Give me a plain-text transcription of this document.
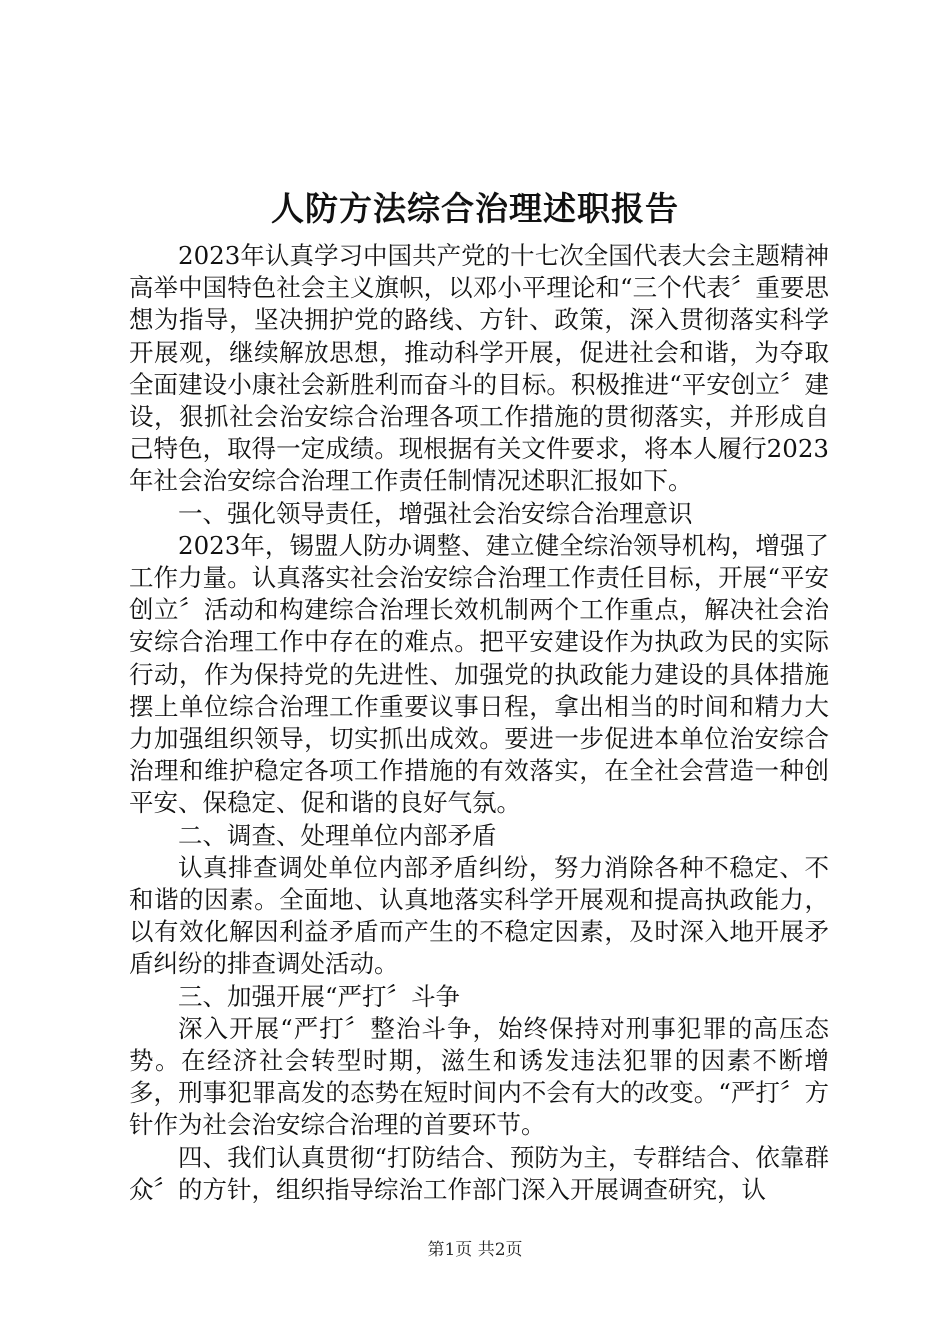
人防方法综合治理述职报告

2023年认真学习中国共产党的十七次全国代表大会主题精神高举中国特色社会主义旗帜，以邓小平理论和“三个代表〞重要思想为指导，坚决拥护党的路线、方针、政策，深入贯彻落实科学开展观，继续解放思想，推动科学开展，促进社会和谐，为夺取全面建设小康社会新胜利而奋斗的目标。积极推进“平安创立〞建设，狠抓社会治安综合治理各项工作措施的贯彻落实，并形成自己特色，取得一定成绩。现根据有关文件要求，将本人履行2023年社会治安综合治理工作责任制情况述职汇报如下。

一、强化领导责任，增强社会治安综合治理意识

2023年，锡盟人防办调整、建立健全综治领导机构，增强了工作力量。认真落实社会治安综合治理工作责任目标，开展“平安创立〞活动和构建综合治理长效机制两个工作重点，解决社会治安综合治理工作中存在的难点。把平安建设作为执政为民的实际行动，作为保持党的先进性、加强党的执政能力建设的具体措施摆上单位综合治理工作重要议事日程，拿出相当的时间和精力大力加强组织领导，切实抓出成效。要进一步促进本单位治安综合治理和维护稳定各项工作措施的有效落实，在全社会营造一种创平安、保稳定、促和谐的良好气氛。

二、调查、处理单位内部矛盾

认真排查调处单位内部矛盾纠纷，努力消除各种不稳定、不和谐的因素。全面地、认真地落实科学开展观和提高执政能力，以有效化解因利益矛盾而产生的不稳定因素，及时深入地开展矛盾纠纷的排查调处活动。

三、加强开展“严打〞斗争

深入开展“严打〞整治斗争，始终保持对刑事犯罪的高压态势。在经济社会转型时期，滋生和诱发违法犯罪的因素不断增多，刑事犯罪高发的态势在短时间内不会有大的改变。“严打〞方针作为社会治安综合治理的首要环节。

四、我们认真贯彻“打防结合、预防为主，专群结合、依靠群众〞的方针，组织指导综治工作部门深入开展调查研究，认

第1页 共2页
